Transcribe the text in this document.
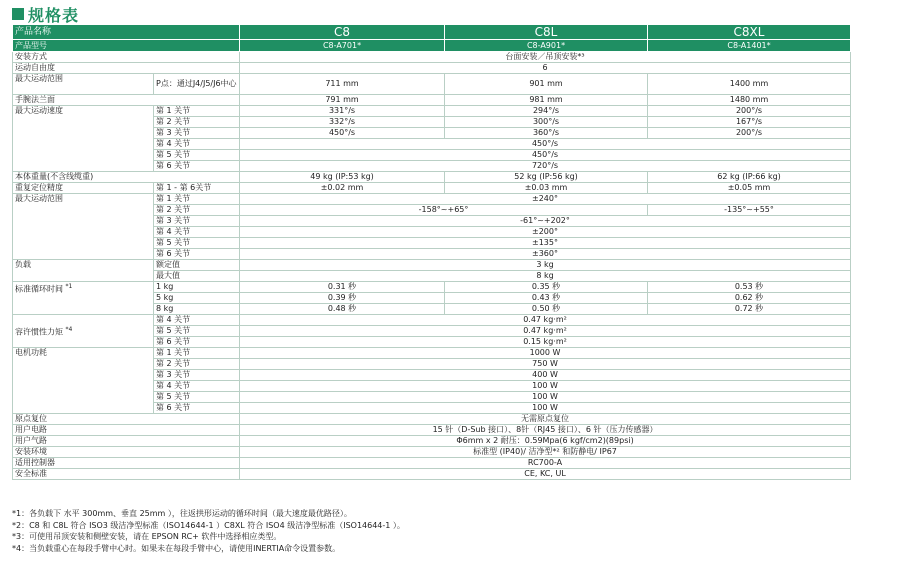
规格表
产品名称		C8	C8L	C8XL
产品型号		C8-A701*	C8-A901*	C8-A1401*
安装方式		台面安装／吊顶安装*³		
运动自由度		6		
最大运动范围	P点：通过J4/J5/J6中心	711 mm	901 mm	1400 mm
手腕法兰面		791 mm	981 mm	1480 mm
最大运动速度	第 1 关节	331°/s	294°/s	200°/s
	第 2 关节	332°/s	300°/s	167°/s
	第 3 关节	450°/s	360°/s	200°/s
	第 4 关节	450°/s		
	第 5 关节	450°/s		
	第 6 关节	720°/s		
本体重量(不含线缆重)		49 kg (IP:53 kg)	52 kg (IP:56 kg)	62 kg (IP:66 kg)
重复定位精度	第 1 - 第 6关节	±0.02 mm	±0.03 mm	±0.05 mm
最大运动范围	第 1 关节	±240°		
	第 2 关节	-158°~+65°		-135°~+55°
	第 3 关节	-61°~+202°		
	第 4 关节	±200°		
	第 5 关节	±135°		
	第 6 关节	±360°		
负载	额定值	3 kg		
	最大值	8 kg		
标准循环时间 $^{*1}$	1 kg	0.31 秒	0.35 秒	0.53 秒
	5 kg	0.39 秒	0.43 秒	0.62 秒
	8 kg	0.48 秒	0.50 秒	0.72 秒
容许惯性力矩 $^{*4}$	第 4 关节	0.47 kg·m²		
	第 5 关节	0.47 kg·m²		
	第 6 关节	0.15 kg·m²		
电机功耗	第 1 关节	1000 W		
	第 2 关节	750 W		
	第 3 关节	400 W		
	第 4 关节	100 W		
	第 5 关节	100 W		
	第 6 关节	100 W		
原点复位		无需原点复位		
用户电路		15 针（D-Sub 接口）、8针（RJ45 接口）、6 针（压力传感器）		
用户气路		Φ6mm x 2 耐压：0.59Mpa(6 kgf/cm2)(89psi)		
安装环境		标准型 (IP40)/ 洁净型*² 和防静电/ IP67		
适用控制器		RC700-A		
安全标准		CE, KC, UL		
*1：各负载下 水平 300mm、垂直 25mm ），往返拱形运动的循环时间（最大速度最优路径）。
*2：C8 和 C8L 符合 ISO3 级洁净型标准（ISO14644-1 ）C8XL 符合 ISO4 级洁净型标准（ISO14644-1 ）。
*3：可使用吊顶安装和侧壁安装，请在 EPSON RC+ 软件中选择相应类型。
*4：当负载重心在每段手臂中心时。如果未在每段手臂中心，请使用INERTIA命令设置参数。
